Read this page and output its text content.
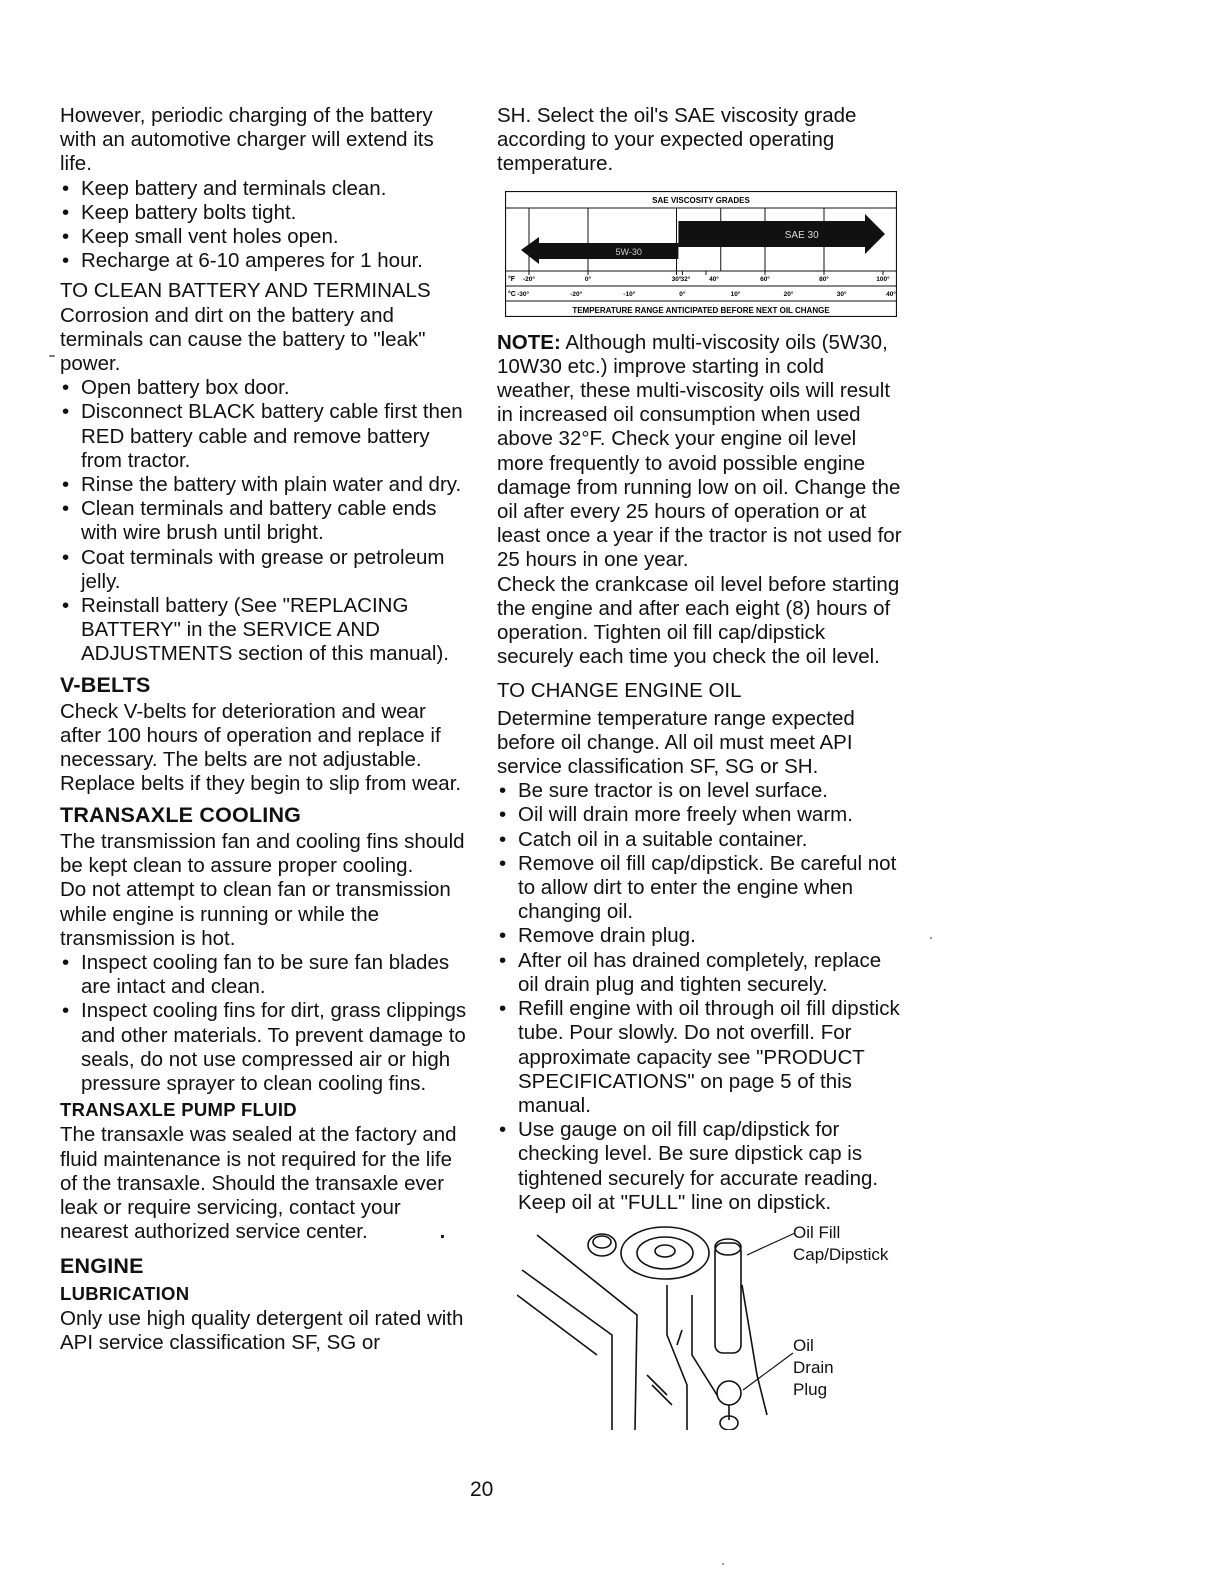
However, periodic charging of the battery with an automotive charger will extend its life.

• Keep battery and terminals clean.
• Keep battery bolts tight.
• Keep small vent holes open.
• Recharge at 6-10 amperes for 1 hour.

TO CLEAN BATTERY AND TERMINALS

Corrosion and dirt on the battery and terminals can cause the battery to "leak" power.

• Open battery box door.
• Disconnect BLACK battery cable first then RED battery cable and remove battery from tractor.
• Rinse the battery with plain water and dry.
• Clean terminals and battery cable ends with wire brush until bright.
• Coat terminals with grease or petroleum jelly.
• Reinstall battery (See "REPLACING BATTERY" in the SERVICE AND ADJUSTMENTS section of this manual).

V-BELTS

Check V-belts for deterioration and wear after 100 hours of operation and replace if necessary. The belts are not adjustable. Replace belts if they begin to slip from wear.

TRANSAXLE COOLING

The transmission fan and cooling fins should be kept clean to assure proper cooling.

Do not attempt to clean fan or transmission while engine is running or while the transmission is hot.

• Inspect cooling fan to be sure fan blades are intact and clean.
• Inspect cooling fins for dirt, grass clippings and other materials. To prevent damage to seals, do not use compressed air or high pressure sprayer to clean cooling fins.

TRANSAXLE PUMP FLUID

The transaxle was sealed at the factory and fluid maintenance is not required for the life of the transaxle. Should the transaxle ever leak or require servicing, contact your nearest authorized service center.	.

ENGINE

LUBRICATION

Only use high quality detergent oil rated with API service classification SF, SG or

SH. Select the oil's SAE viscosity grade according to your expected operating temperature.

SAE VISCOSITY GRADES
SAE 30
5W-30
°F
°C
-20°	0°	30° 32°	40°	60°	80°	100°
-30°	-20°	-10°	0°	10°	20°	30°	40°
TEMPERATURE RANGE ANTICIPATED BEFORE NEXT OIL CHANGE

NOTE: Although multi-viscosity oils (5W30, 10W30 etc.) improve starting in cold weather, these multi-viscosity oils will result in increased oil consumption when used above 32°F. Check your engine oil level more frequently to avoid possible engine damage from running low on oil. Change the oil after every 25 hours of operation or at least once a year if the tractor is not used for 25 hours in one year.

Check the crankcase oil level before starting the engine and after each eight (8) hours of operation. Tighten oil fill cap/dipstick securely each time you check the oil level.

TO CHANGE ENGINE OIL

Determine temperature range expected before oil change. All oil must meet API service classification SF, SG or SH.

• Be sure tractor is on level surface.
• Oil will drain more freely when warm.
• Catch oil in a suitable container.
• Remove oil fill cap/dipstick. Be careful not to allow dirt to enter the engine when changing oil.
• Remove drain plug.
• After oil has drained completely, replace oil drain plug and tighten securely.
• Refill engine with oil through oil fill dipstick tube. Pour slowly. Do not overfill. For approximate capacity see "PRODUCT SPECIFICATIONS" on page 5 of this manual.
• Use gauge on oil fill cap/dipstick for checking level. Be sure dipstick cap is tightened securely for accurate reading. Keep oil at "FULL" line on dipstick.
Oil Fill Cap/Dipstick
Oil Drain Plug
20
